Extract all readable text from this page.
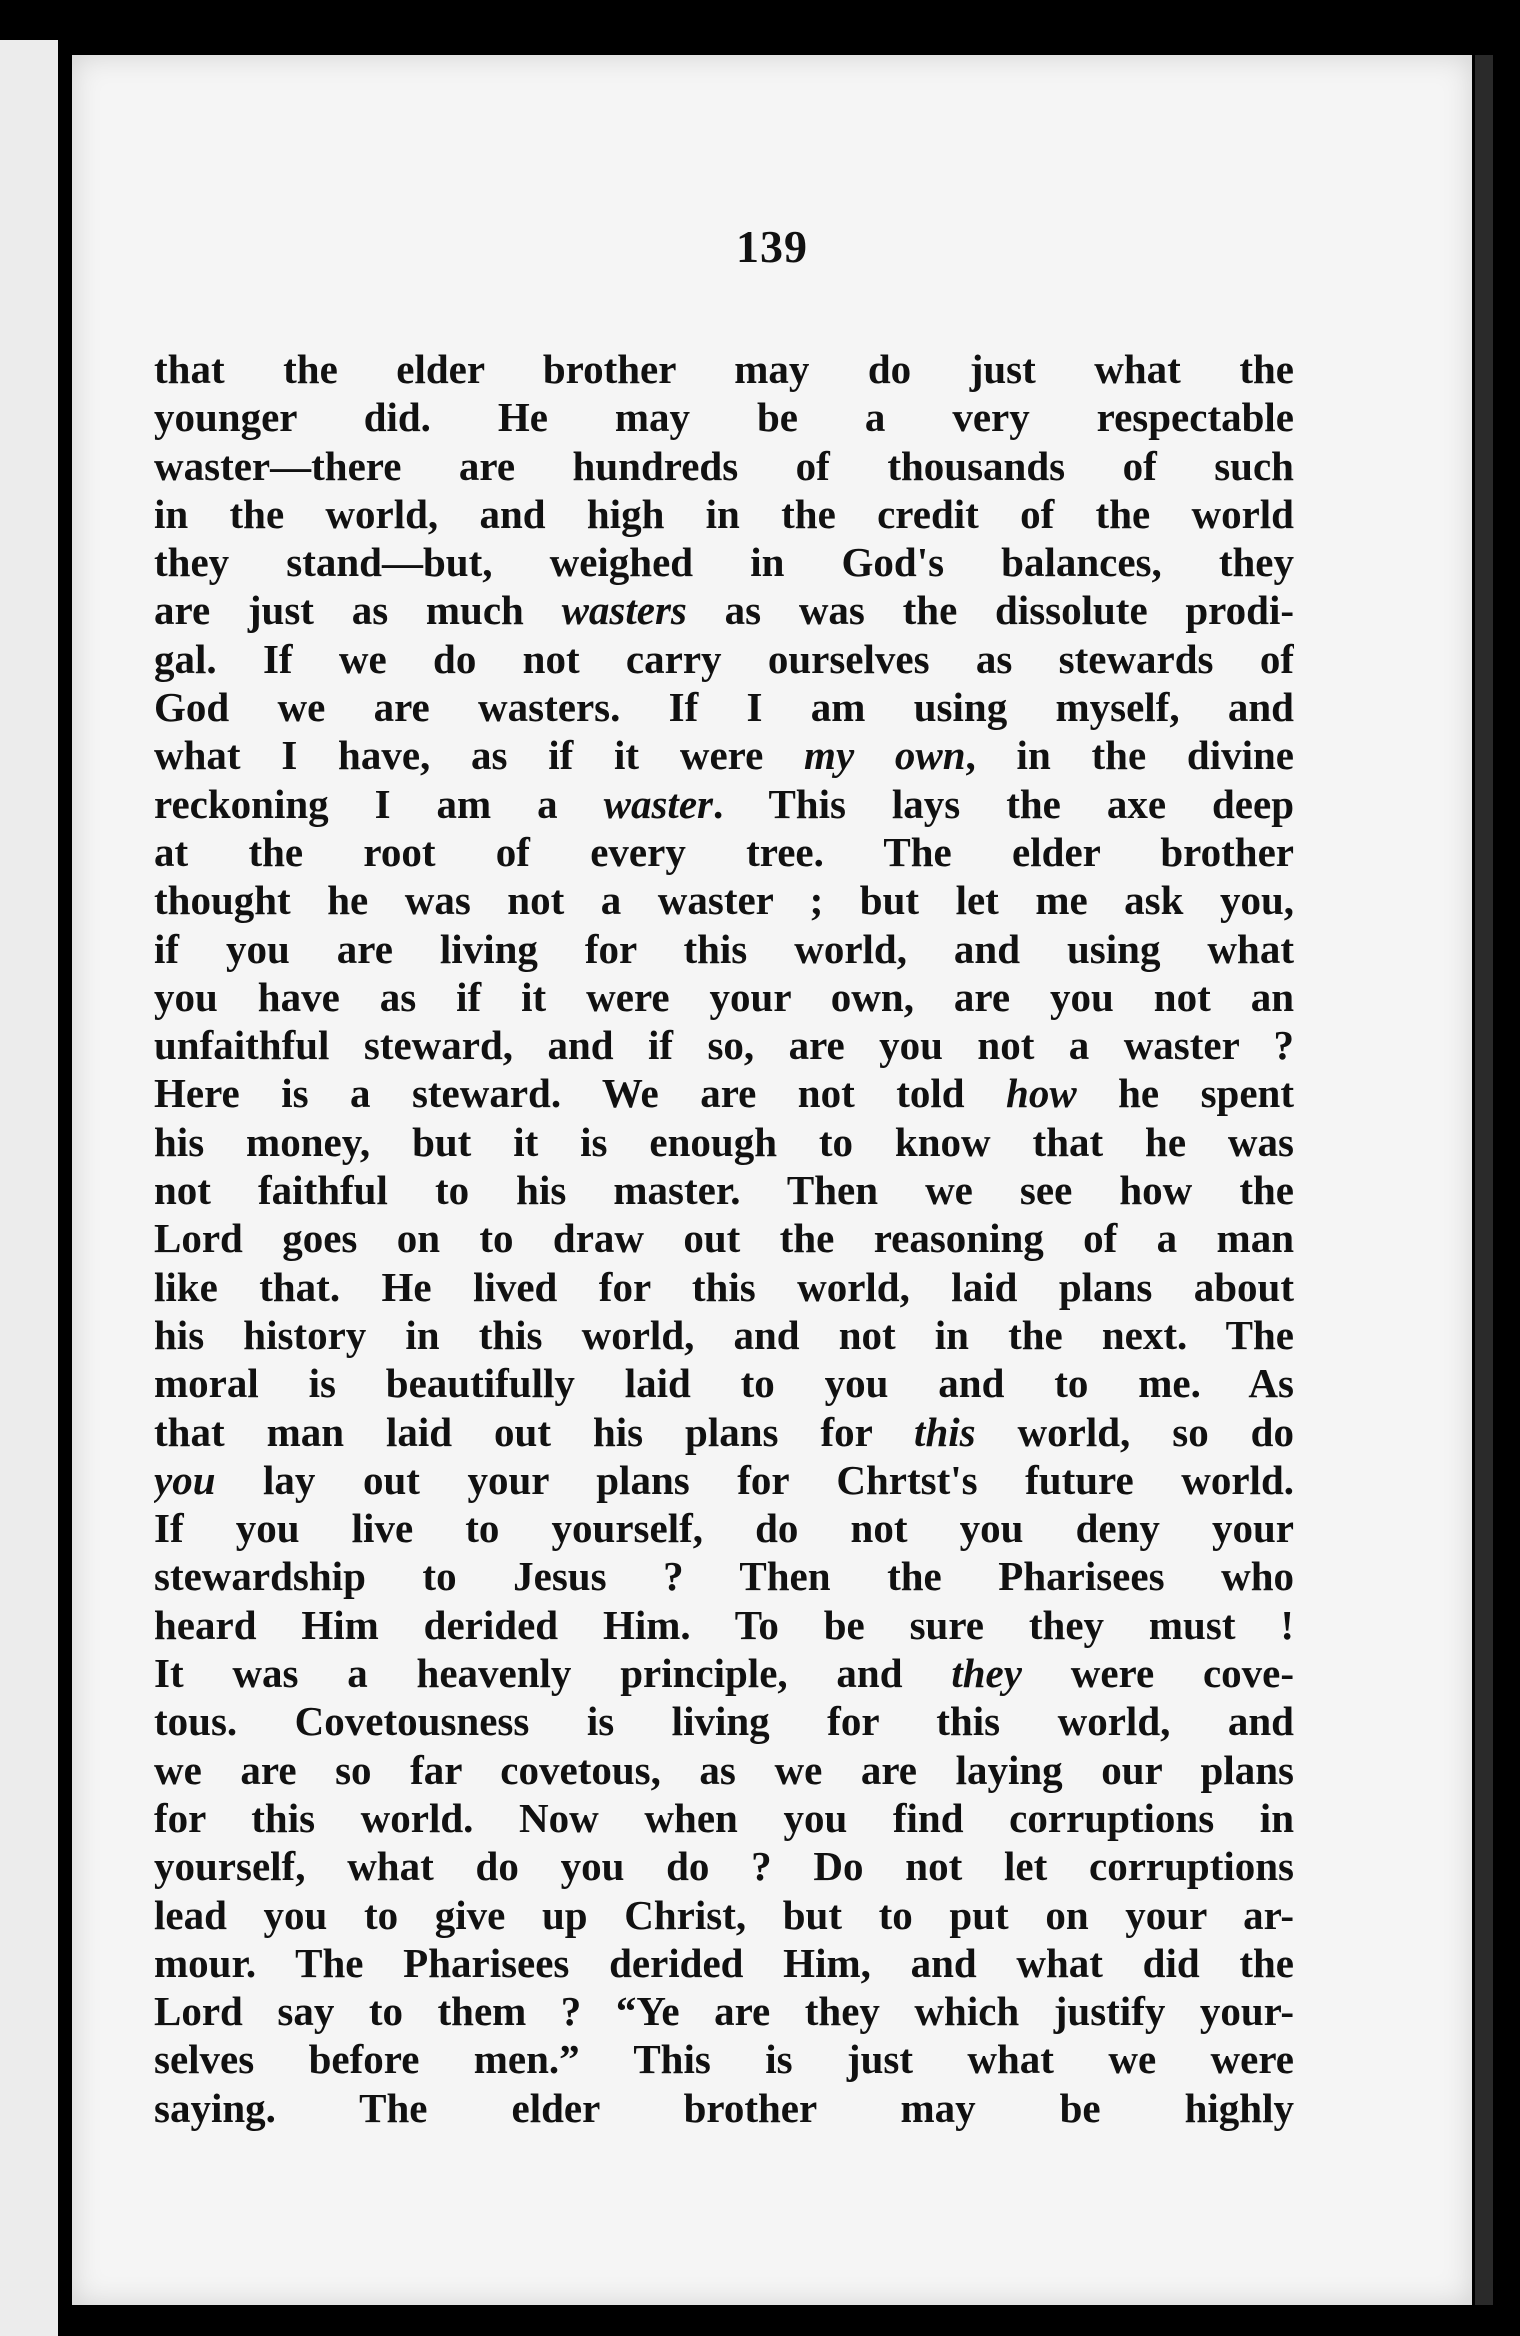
139
that the elder brother may do just what the
younger did. He may be a very respectable
waster—there are hundreds of thousands of such
in the world, and high in the credit of the world
they stand—but, weighed in God's balances, they
are just as much wasters as was the dissolute prodi-
gal. If we do not carry ourselves as stewards of
God we are wasters. If I am using myself, and
what I have, as if it were my own, in the divine
reckoning I am a waster. This lays the axe deep
at the root of every tree. The elder brother
thought he was not a waster ; but let me ask you,
if you are living for this world, and using what
you have as if it were your own, are you not an
unfaithful steward, and if so, are you not a waster ?
Here is a steward. We are not told how he spent
his money, but it is enough to know that he was
not faithful to his master. Then we see how the
Lord goes on to draw out the reasoning of a man
like that. He lived for this world, laid plans about
his history in this world, and not in the next. The
moral is beautifully laid to you and to me. As
that man laid out his plans for this world, so do
you lay out your plans for Chrtst's future world.
If you live to yourself, do not you deny your
stewardship to Jesus ? Then the Pharisees who
heard Him derided Him. To be sure they must !
It was a heavenly principle, and they were cove-
tous. Covetousness is living for this world, and
we are so far covetous, as we are laying our plans
for this world. Now when you find corruptions in
yourself, what do you do ? Do not let corruptions
lead you to give up Christ, but to put on your ar-
mour. The Pharisees derided Him, and what did the
Lord say to them ? “Ye are they which justify your-
selves before men.” This is just what we were
saying. The elder brother may be highly
